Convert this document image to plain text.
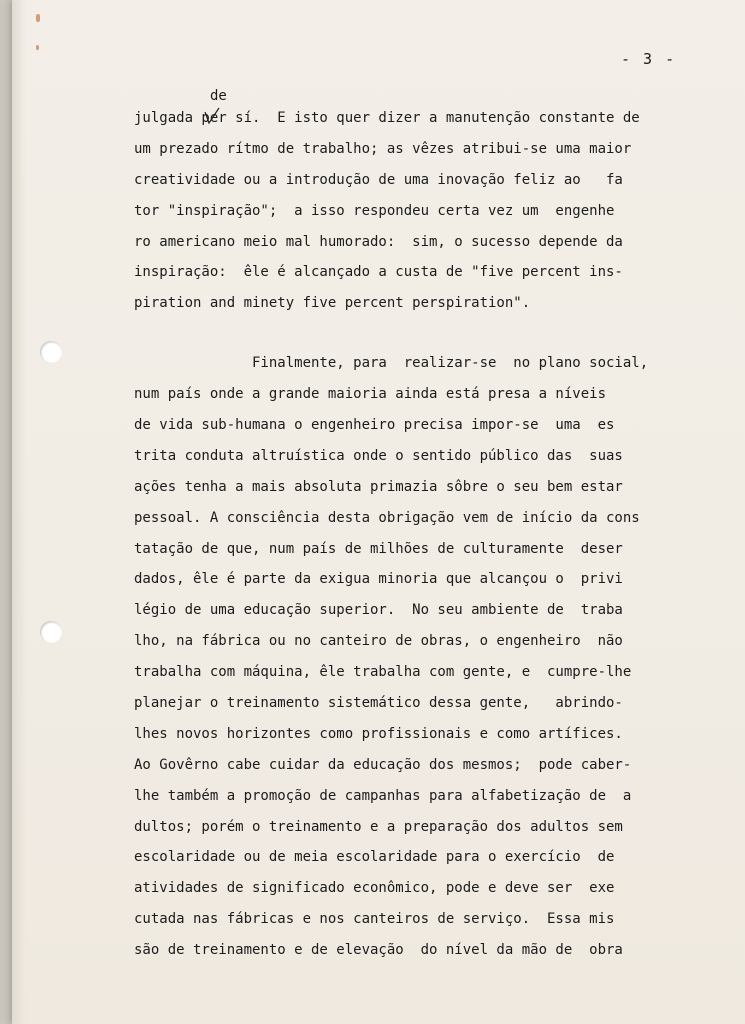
- 3 -
de
julgada per sí.  E isto quer dizer a manutenção constante de
um prezado rítmo de trabalho; as vêzes atribui-se uma maior
creatividade ou a introdução de uma inovação feliz ao   fa
tor "inspiração";  a isso respondeu certa vez um  engenhe
ro americano meio mal humorado:  sim, o sucesso depende da
inspiração:  êle é alcançado a custa de "five percent ins-
piration and minety five percent perspiration".
Finalmente, para  realizar-se  no plano social,
num país onde a grande maioria ainda está presa a níveis
de vida sub-humana o engenheiro precisa impor-se  uma  es
trita conduta altruística onde o sentido público das  suas
ações tenha a mais absoluta primazia sôbre o seu bem estar
pessoal. A consciência desta obrigação vem de início da cons
tatação de que, num país de milhões de culturamente  deser
dados, êle é parte da exigua minoria que alcançou o  privi
légio de uma educação superior.  No seu ambiente de  traba
lho, na fábrica ou no canteiro de obras, o engenheiro  não
trabalha com máquina, êle trabalha com gente, e  cumpre-lhe
planejar o treinamento sistemático dessa gente,   abrindo-
lhes novos horizontes como profissionais e como artífices.
Ao Govêrno cabe cuidar da educação dos mesmos;  pode caber-
lhe também a promoção de campanhas para alfabetização de  a
dultos; porém o treinamento e a preparação dos adultos sem
escolaridade ou de meia escolaridade para o exercício  de
atividades de significado econômico, pode e deve ser  exe
cutada nas fábricas e nos canteiros de serviço.  Essa mis
são de treinamento e de elevação  do nível da mão de  obra
